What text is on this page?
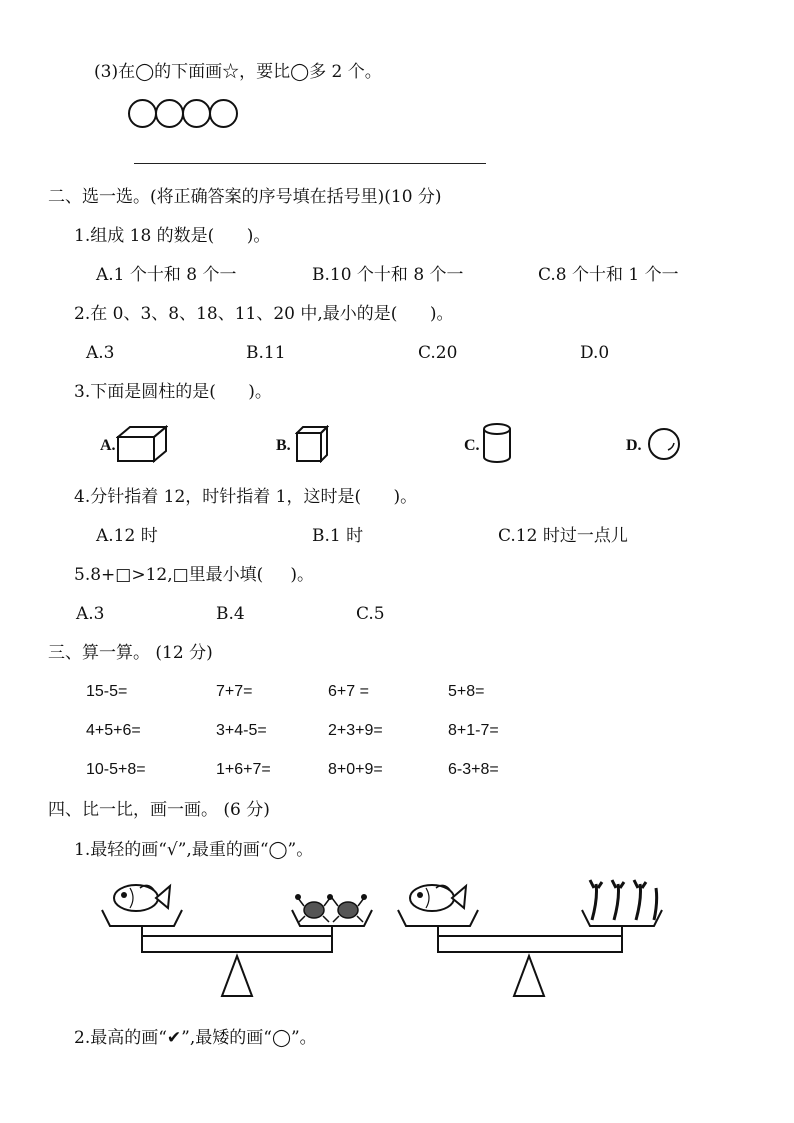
(3)在◯的下面画☆，要比◯多 2 个。
二、选一选。(将正确答案的序号填在括号里)(10 分)
1.组成 18 的数是(      )。
A.1 个十和 8 个一	B.10 个十和 8 个一	C.8 个十和 1 个一
2.在 0、3、8、18、11、20 中,最小的是(      )。
A.3	B.11	C.20	D.0
3.下面是圆柱的是(      )。
A.	B.	C.	D.
4.分针指着 12，时针指着 1，这时是(      )。
A.12 时	B.1 时	C.12 时过一点儿
5.8+□>12,□里最小填(     )。
A.3	B.4	C.5
三、算一算。 (12 分)
15-5=	7+7=	6+7 =	5+8=
4+5+6=	3+4-5=	2+3+9=	8+1-7=
10-5+8=	1+6+7=	8+0+9=	6-3+8=
四、比一比，画一画。 (6 分)
1.最轻的画“√”,最重的画“◯”。
2.最高的画“✔”,最矮的画“◯”。
